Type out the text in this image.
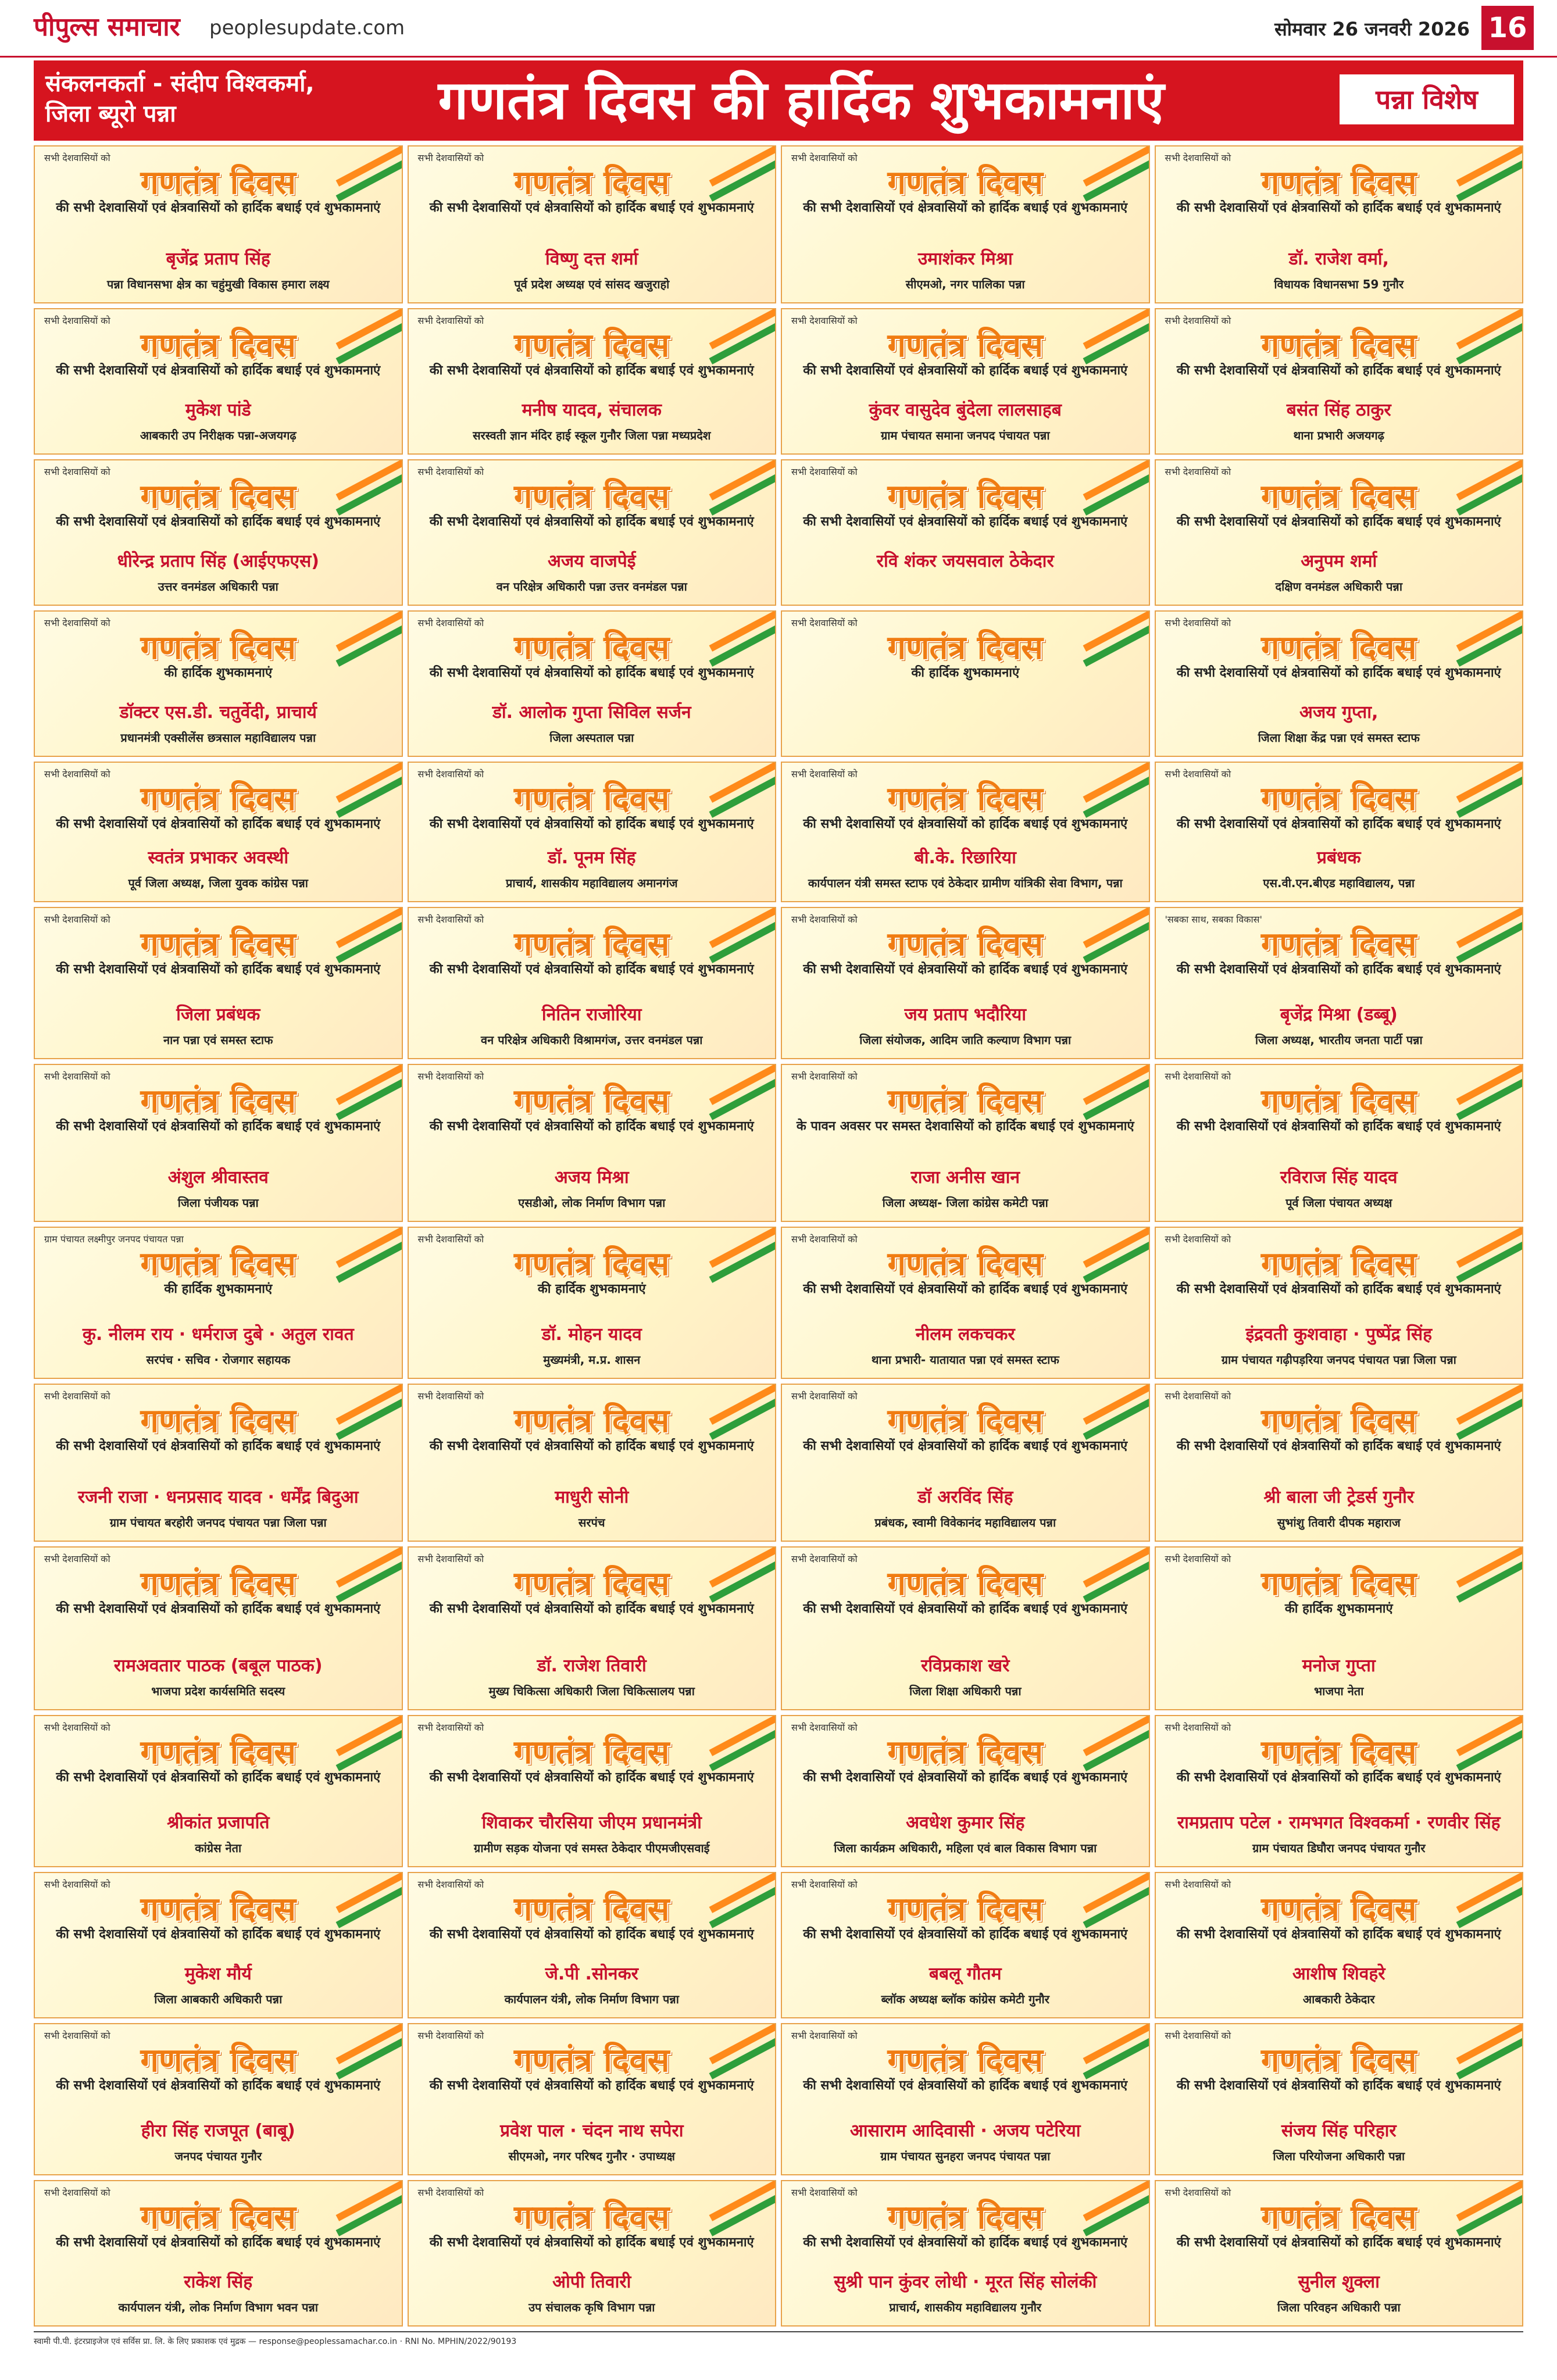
पीपुल्स समाचार peoplesupdate.com	सोमवार 26 जनवरी 2026 16
संकलनकर्ता - संदीप विश्वकर्मा,
जिला ब्यूरो पन्ना	गणतंत्र दिवस की हार्दिक शुभकामनाएं	पन्ना विशेष
सभी देशवासियों को
गणतंत्र दिवस
की सभी देशवासियों एवं क्षेत्रवासियों को हार्दिक बधाई एवं शुभकामनाएं
बृजेंद्र प्रताप सिंह
पन्ना विधानसभा क्षेत्र का चहुंमुखी विकास हमारा लक्ष्य
सभी देशवासियों को
गणतंत्र दिवस
की सभी देशवासियों एवं क्षेत्रवासियों को हार्दिक बधाई एवं शुभकामनाएं
विष्णु दत्त शर्मा
पूर्व प्रदेश अध्यक्ष एवं सांसद खजुराहो
सभी देशवासियों को
गणतंत्र दिवस
की सभी देशवासियों एवं क्षेत्रवासियों को हार्दिक बधाई एवं शुभकामनाएं
उमाशंकर मिश्रा
सीएमओ, नगर पालिका पन्ना
सभी देशवासियों को
गणतंत्र दिवस
की सभी देशवासियों एवं क्षेत्रवासियों को हार्दिक बधाई एवं शुभकामनाएं
डॉ. राजेश वर्मा,
विधायक विधानसभा 59 गुनौर
सभी देशवासियों को
गणतंत्र दिवस
की सभी देशवासियों एवं क्षेत्रवासियों को हार्दिक बधाई एवं शुभकामनाएं
मुकेश पांडे
आबकारी उप निरीक्षक पन्ना-अजयगढ़
सभी देशवासियों को
गणतंत्र दिवस
की सभी देशवासियों एवं क्षेत्रवासियों को हार्दिक बधाई एवं शुभकामनाएं
मनीष यादव, संचालक
सरस्वती ज्ञान मंदिर हाई स्कूल गुनौर जिला पन्ना मध्यप्रदेश
सभी देशवासियों को
गणतंत्र दिवस
की सभी देशवासियों एवं क्षेत्रवासियों को हार्दिक बधाई एवं शुभकामनाएं
कुंवर वासुदेव बुंदेला लालसाहब
ग्राम पंचायत समाना जनपद पंचायत पन्ना
सभी देशवासियों को
गणतंत्र दिवस
की सभी देशवासियों एवं क्षेत्रवासियों को हार्दिक बधाई एवं शुभकामनाएं
बसंत सिंह ठाकुर
थाना प्रभारी अजयगढ़
सभी देशवासियों को
गणतंत्र दिवस
की सभी देशवासियों एवं क्षेत्रवासियों को हार्दिक बधाई एवं शुभकामनाएं
धीरेन्द्र प्रताप सिंह (आईएफएस)
उत्तर वनमंडल अधिकारी पन्ना
सभी देशवासियों को
गणतंत्र दिवस
की सभी देशवासियों एवं क्षेत्रवासियों को हार्दिक बधाई एवं शुभकामनाएं
अजय वाजपेई
वन परिक्षेत्र अधिकारी पन्ना उत्तर वनमंडल पन्ना
सभी देशवासियों को
गणतंत्र दिवस
की सभी देशवासियों एवं क्षेत्रवासियों को हार्दिक बधाई एवं शुभकामनाएं
रवि शंकर जयसवाल ठेकेदार
सभी देशवासियों को
गणतंत्र दिवस
की सभी देशवासियों एवं क्षेत्रवासियों को हार्दिक बधाई एवं शुभकामनाएं
अनुपम शर्मा
दक्षिण वनमंडल अधिकारी पन्ना
सभी देशवासियों को
गणतंत्र दिवस
की हार्दिक शुभकामनाएं
डॉक्टर एस.डी. चतुर्वेदी, प्राचार्य
प्रधानमंत्री एक्सीलेंस छत्रसाल महाविद्यालय पन्ना
सभी देशवासियों को
गणतंत्र दिवस
की सभी देशवासियों एवं क्षेत्रवासियों को हार्दिक बधाई एवं शुभकामनाएं
डॉ. आलोक गुप्ता सिविल सर्जन
जिला अस्पताल पन्ना
सभी देशवासियों को
गणतंत्र दिवस
की हार्दिक शुभकामनाएं
सभी देशवासियों को
गणतंत्र दिवस
की सभी देशवासियों एवं क्षेत्रवासियों को हार्दिक बधाई एवं शुभकामनाएं
अजय गुप्ता,
जिला शिक्षा केंद्र पन्ना एवं समस्त स्टाफ
सभी देशवासियों को
गणतंत्र दिवस
की सभी देशवासियों एवं क्षेत्रवासियों को हार्दिक बधाई एवं शुभकामनाएं
स्वतंत्र प्रभाकर अवस्थी
पूर्व जिला अध्यक्ष, जिला युवक कांग्रेस पन्ना
सभी देशवासियों को
गणतंत्र दिवस
की सभी देशवासियों एवं क्षेत्रवासियों को हार्दिक बधाई एवं शुभकामनाएं
डॉ. पूनम सिंह
प्राचार्य, शासकीय महाविद्यालय अमानगंज
सभी देशवासियों को
गणतंत्र दिवस
की सभी देशवासियों एवं क्षेत्रवासियों को हार्दिक बधाई एवं शुभकामनाएं
बी.के. रिछारिया
कार्यपालन यंत्री समस्त स्टाफ एवं ठेकेदार ग्रामीण यांत्रिकी सेवा विभाग, पन्ना
सभी देशवासियों को
गणतंत्र दिवस
की सभी देशवासियों एवं क्षेत्रवासियों को हार्दिक बधाई एवं शुभकामनाएं
प्रबंधक
एस.वी.एन.बीएड महाविद्यालय, पन्ना
सभी देशवासियों को
गणतंत्र दिवस
की सभी देशवासियों एवं क्षेत्रवासियों को हार्दिक बधाई एवं शुभकामनाएं
जिला प्रबंधक
नान पन्ना एवं समस्त स्टाफ
सभी देशवासियों को
गणतंत्र दिवस
की सभी देशवासियों एवं क्षेत्रवासियों को हार्दिक बधाई एवं शुभकामनाएं
नितिन राजोरिया
वन परिक्षेत्र अधिकारी विश्रामगंज, उत्तर वनमंडल पन्ना
सभी देशवासियों को
गणतंत्र दिवस
की सभी देशवासियों एवं क्षेत्रवासियों को हार्दिक बधाई एवं शुभकामनाएं
जय प्रताप भदौरिया
जिला संयोजक, आदिम जाति कल्याण विभाग पन्ना
'सबका साथ, सबका विकास'
गणतंत्र दिवस
की सभी देशवासियों एवं क्षेत्रवासियों को हार्दिक बधाई एवं शुभकामनाएं
बृजेंद्र मिश्रा (डब्बू)
जिला अध्यक्ष, भारतीय जनता पार्टी पन्ना
सभी देशवासियों को
गणतंत्र दिवस
की सभी देशवासियों एवं क्षेत्रवासियों को हार्दिक बधाई एवं शुभकामनाएं
अंशुल श्रीवास्तव
जिला पंजीयक पन्ना
सभी देशवासियों को
गणतंत्र दिवस
की सभी देशवासियों एवं क्षेत्रवासियों को हार्दिक बधाई एवं शुभकामनाएं
अजय मिश्रा
एसडीओ, लोक निर्माण विभाग पन्ना
सभी देशवासियों को
गणतंत्र दिवस
के पावन अवसर पर समस्त देशवासियों को हार्दिक बधाई एवं शुभकामनाएं
राजा अनीस खान
जिला अध्यक्ष- जिला कांग्रेस कमेटी पन्ना
सभी देशवासियों को
गणतंत्र दिवस
की सभी देशवासियों एवं क्षेत्रवासियों को हार्दिक बधाई एवं शुभकामनाएं
रविराज सिंह यादव
पूर्व जिला पंचायत अध्यक्ष
ग्राम पंचायत लक्ष्मीपुर जनपद पंचायत पन्ना
गणतंत्र दिवस
की हार्दिक शुभकामनाएं
कु. नीलम राय · धर्मराज दुबे · अतुल रावत
सरपंच · सचिव · रोजगार सहायक
सभी देशवासियों को
गणतंत्र दिवस
की हार्दिक शुभकामनाएं
डॉ. मोहन यादव
मुख्यमंत्री, म.प्र. शासन
सभी देशवासियों को
गणतंत्र दिवस
की सभी देशवासियों एवं क्षेत्रवासियों को हार्दिक बधाई एवं शुभकामनाएं
नीलम लकचकर
थाना प्रभारी- यातायात पन्ना एवं समस्त स्टाफ
सभी देशवासियों को
गणतंत्र दिवस
की सभी देशवासियों एवं क्षेत्रवासियों को हार्दिक बधाई एवं शुभकामनाएं
इंद्रवती कुशवाहा · पुष्पेंद्र सिंह
ग्राम पंचायत गढ़ीपड़रिया जनपद पंचायत पन्ना जिला पन्ना
सभी देशवासियों को
गणतंत्र दिवस
की सभी देशवासियों एवं क्षेत्रवासियों को हार्दिक बधाई एवं शुभकामनाएं
रजनी राजा · धनप्रसाद यादव · धर्मेंद्र बिदुआ
ग्राम पंचायत बरहोरी जनपद पंचायत पन्ना जिला पन्ना
सभी देशवासियों को
गणतंत्र दिवस
की सभी देशवासियों एवं क्षेत्रवासियों को हार्दिक बधाई एवं शुभकामनाएं
माधुरी सोनी
सरपंच
सभी देशवासियों को
गणतंत्र दिवस
की सभी देशवासियों एवं क्षेत्रवासियों को हार्दिक बधाई एवं शुभकामनाएं
डॉ अरविंद सिंह
प्रबंधक, स्वामी विवेकानंद महाविद्यालय पन्ना
सभी देशवासियों को
गणतंत्र दिवस
की सभी देशवासियों एवं क्षेत्रवासियों को हार्दिक बधाई एवं शुभकामनाएं
श्री बाला जी ट्रेडर्स गुनौर
सुभांशु तिवारी दीपक महाराज
सभी देशवासियों को
गणतंत्र दिवस
की सभी देशवासियों एवं क्षेत्रवासियों को हार्दिक बधाई एवं शुभकामनाएं
रामअवतार पाठक (बबूल पाठक)
भाजपा प्रदेश कार्यसमिति सदस्य
सभी देशवासियों को
गणतंत्र दिवस
की सभी देशवासियों एवं क्षेत्रवासियों को हार्दिक बधाई एवं शुभकामनाएं
डॉ. राजेश तिवारी
मुख्य चिकित्सा अधिकारी जिला चिकित्सालय पन्ना
सभी देशवासियों को
गणतंत्र दिवस
की सभी देशवासियों एवं क्षेत्रवासियों को हार्दिक बधाई एवं शुभकामनाएं
रविप्रकाश खरे
जिला शिक्षा अधिकारी पन्ना
सभी देशवासियों को
गणतंत्र दिवस
की हार्दिक शुभकामनाएं
मनोज गुप्ता
भाजपा नेता
सभी देशवासियों को
गणतंत्र दिवस
की सभी देशवासियों एवं क्षेत्रवासियों को हार्दिक बधाई एवं शुभकामनाएं
श्रीकांत प्रजापति
कांग्रेस नेता
सभी देशवासियों को
गणतंत्र दिवस
की सभी देशवासियों एवं क्षेत्रवासियों को हार्दिक बधाई एवं शुभकामनाएं
शिवाकर चौरसिया जीएम प्रधानमंत्री
ग्रामीण सड़क योजना एवं समस्त ठेकेदार पीएमजीएसवाई
सभी देशवासियों को
गणतंत्र दिवस
की सभी देशवासियों एवं क्षेत्रवासियों को हार्दिक बधाई एवं शुभकामनाएं
अवधेश कुमार सिंह
जिला कार्यक्रम अधिकारी, महिला एवं बाल विकास विभाग पन्ना
सभी देशवासियों को
गणतंत्र दिवस
की सभी देशवासियों एवं क्षेत्रवासियों को हार्दिक बधाई एवं शुभकामनाएं
रामप्रताप पटेल · रामभगत विश्वकर्मा · रणवीर सिंह
ग्राम पंचायत डिघौरा जनपद पंचायत गुनौर
सभी देशवासियों को
गणतंत्र दिवस
की सभी देशवासियों एवं क्षेत्रवासियों को हार्दिक बधाई एवं शुभकामनाएं
मुकेश मौर्य
जिला आबकारी अधिकारी पन्ना
सभी देशवासियों को
गणतंत्र दिवस
की सभी देशवासियों एवं क्षेत्रवासियों को हार्दिक बधाई एवं शुभकामनाएं
जे.पी .सोनकर
कार्यपालन यंत्री, लोक निर्माण विभाग पन्ना
सभी देशवासियों को
गणतंत्र दिवस
की सभी देशवासियों एवं क्षेत्रवासियों को हार्दिक बधाई एवं शुभकामनाएं
बबलू गौतम
ब्लॉक अध्यक्ष ब्लॉक कांग्रेस कमेटी गुनौर
सभी देशवासियों को
गणतंत्र दिवस
की सभी देशवासियों एवं क्षेत्रवासियों को हार्दिक बधाई एवं शुभकामनाएं
आशीष शिवहरे
आबकारी ठेकेदार
सभी देशवासियों को
गणतंत्र दिवस
की सभी देशवासियों एवं क्षेत्रवासियों को हार्दिक बधाई एवं शुभकामनाएं
हीरा सिंह राजपूत (बाबू)
जनपद पंचायत गुनौर
सभी देशवासियों को
गणतंत्र दिवस
की सभी देशवासियों एवं क्षेत्रवासियों को हार्दिक बधाई एवं शुभकामनाएं
प्रवेश पाल · चंदन नाथ सपेरा
सीएमओ, नगर परिषद गुनौर · उपाध्यक्ष
सभी देशवासियों को
गणतंत्र दिवस
की सभी देशवासियों एवं क्षेत्रवासियों को हार्दिक बधाई एवं शुभकामनाएं
आसाराम आदिवासी · अजय पटेरिया
ग्राम पंचायत सुनहरा जनपद पंचायत पन्ना
सभी देशवासियों को
गणतंत्र दिवस
की सभी देशवासियों एवं क्षेत्रवासियों को हार्दिक बधाई एवं शुभकामनाएं
संजय सिंह परिहार
जिला परियोजना अधिकारी पन्ना
सभी देशवासियों को
गणतंत्र दिवस
की सभी देशवासियों एवं क्षेत्रवासियों को हार्दिक बधाई एवं शुभकामनाएं
राकेश सिंह
कार्यपालन यंत्री, लोक निर्माण विभाग भवन पन्ना
सभी देशवासियों को
गणतंत्र दिवस
की सभी देशवासियों एवं क्षेत्रवासियों को हार्दिक बधाई एवं शुभकामनाएं
ओपी तिवारी
उप संचालक कृषि विभाग पन्ना
सभी देशवासियों को
गणतंत्र दिवस
की सभी देशवासियों एवं क्षेत्रवासियों को हार्दिक बधाई एवं शुभकामनाएं
सुश्री पान कुंवर लोधी · मूरत सिंह सोलंकी
प्राचार्य, शासकीय महाविद्यालय गुनौर
सभी देशवासियों को
गणतंत्र दिवस
की सभी देशवासियों एवं क्षेत्रवासियों को हार्दिक बधाई एवं शुभकामनाएं
सुनील शुक्ला
जिला परिवहन अधिकारी पन्ना
स्वामी पी.पी. इंटरप्राइजेज एवं सर्विस प्रा. लि. के लिए प्रकाशक एवं मुद्रक — response@peoplessamachar.co.in · RNI No. MPHIN/2022/90193
